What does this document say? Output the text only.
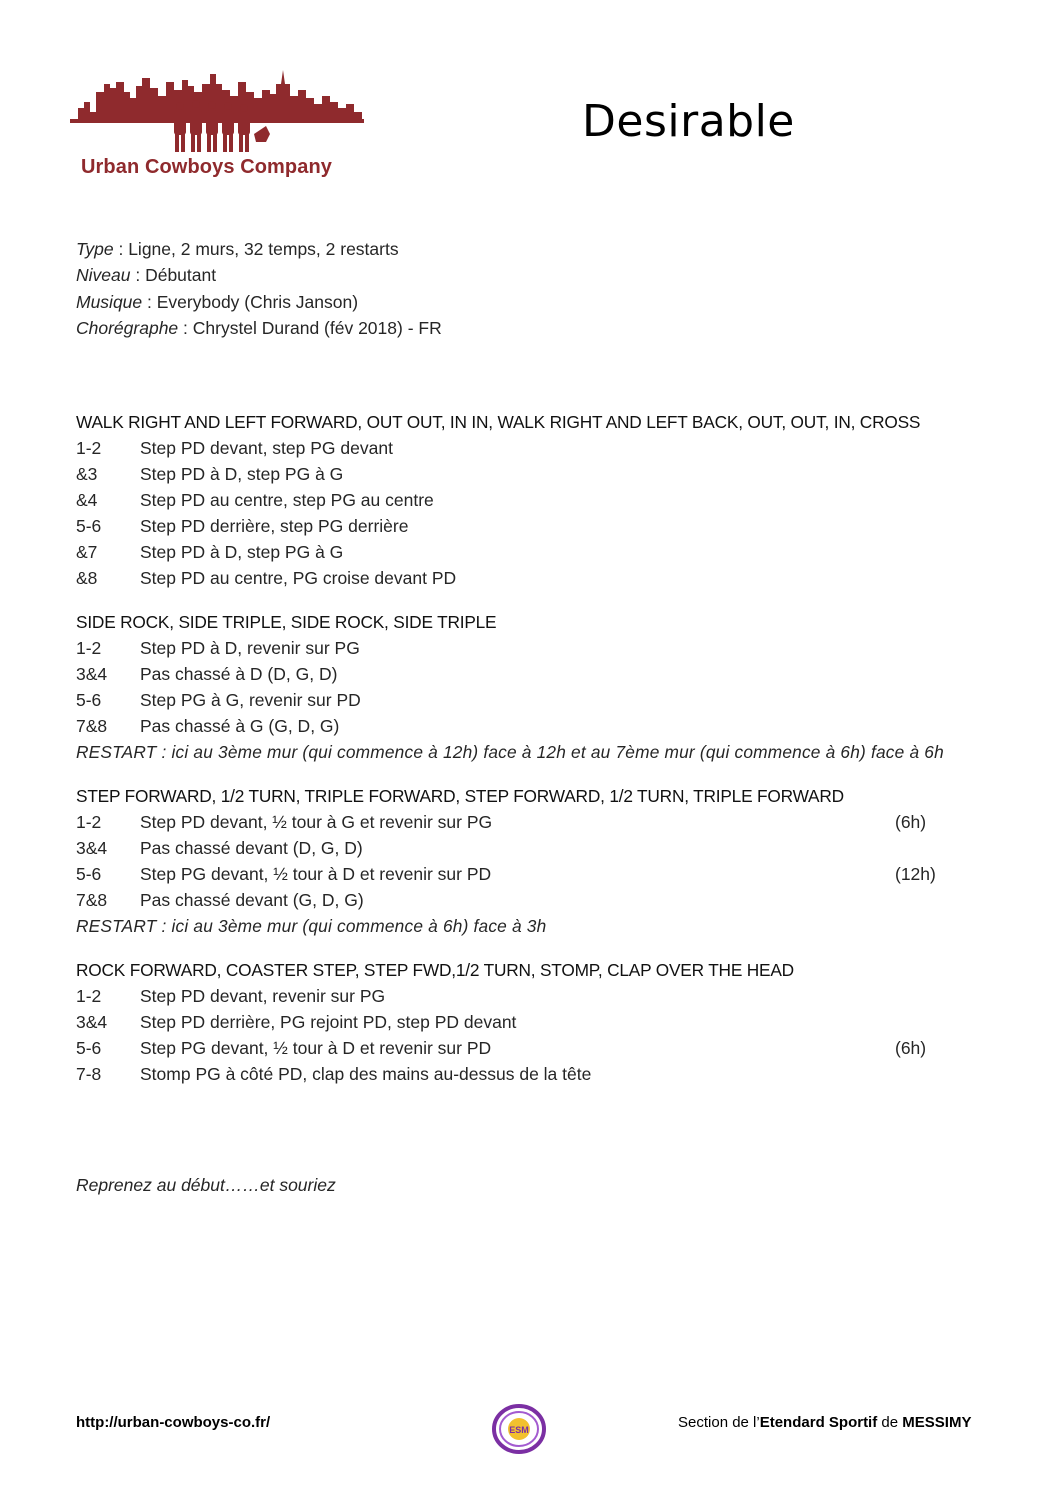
Urban Cowboys Company
Desirable
Type : Ligne, 2 murs, 32 temps, 2 restarts
Niveau : Débutant
Musique : Everybody (Chris Janson)
Chorégraphe : Chrystel Durand (fév 2018) - FR
WALK RIGHT AND LEFT FORWARD, OUT OUT, IN IN, WALK RIGHT AND LEFT BACK, OUT, OUT, IN, CROSS
1-2 Step PD devant, step PG devant
&3 Step PD à D, step PG à G
&4 Step PD au centre, step PG au centre
5-6 Step PD derrière, step PG derrière
&7 Step PD à D, step PG à G
&8 Step PD au centre, PG croise devant PD
SIDE ROCK, SIDE TRIPLE, SIDE ROCK, SIDE TRIPLE
1-2 Step PD à D, revenir sur PG
3&4 Pas chassé à D (D, G, D)
5-6 Step PG à G, revenir sur PD
7&8 Pas chassé à G (G, D, G)
RESTART : ici au 3ème mur (qui commence à 12h) face à 12h et au 7ème mur (qui commence à 6h) face à 6h
STEP FORWARD, 1/2 TURN, TRIPLE FORWARD, STEP FORWARD, 1/2 TURN, TRIPLE FORWARD
1-2 Step PD devant, ½ tour à G et revenir sur PG	(6h)
3&4 Pas chassé devant (D, G, D)
5-6 Step PG devant, ½ tour à D et revenir sur PD	(12h)
7&8 Pas chassé devant (G, D, G)
RESTART : ici au 3ème mur (qui commence à 6h) face à 3h
ROCK FORWARD, COASTER STEP, STEP FWD,1/2 TURN, STOMP, CLAP OVER THE HEAD
1-2 Step PD devant, revenir sur PG
3&4 Step PD derrière, PG rejoint PD, step PD devant
5-6 Step PG devant, ½ tour à D et revenir sur PD	(6h)
7-8 Stomp PG à côté PD, clap des mains au-dessus de la tête
Reprenez au début……et souriez
http://urban-cowboys-co.fr/	ESM	Section de l’Etendard Sportif de MESSIMY
